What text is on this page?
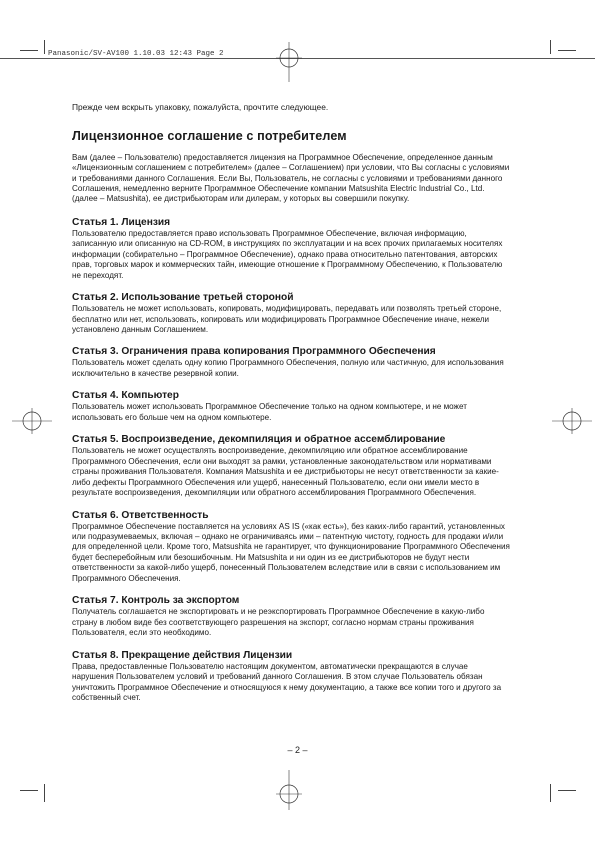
Panasonic/SV-AV100 1.10.03 12:43 Page 2

Прежде чем вскрыть упаковку, пожалуйста, прочтите следующее.

Лицензионное соглашение с потребителем

Вам (далее – Пользователю) предоставляется лицензия на Программное Обеспечение, определенное данным «Лицензионным соглашением с потребителем» (далее – Соглашением) при условии, что Вы согласны с условиями и требованиями данного Соглашения. Если Вы, Пользователь, не согласны с условиями и требованиями данного Соглашения, немедленно верните Программное Обеспечение компании Matsushita Electric Industrial Co., Ltd. (далее – Matsushita), ее дистрибьюторам или дилерам, у которых вы совершили покупку.

Статья 1. Лицензия

Пользователю предоставляется право использовать Программное Обеспечение, включая информацию, записанную или описанную на CD-ROM, в инструкциях по эксплуатации и на всех прочих прилагаемых носителях информации (собирательно – Программное Обеспечение), однако права относительно патентования, авторских прав, торговых марок и коммерческих тайн, имеющие отношение к Программному Обеспечению, к Пользователю не переходят.

Статья 2. Использование третьей стороной

Пользователь не может использовать, копировать, модифицировать, передавать или позволять третьей стороне, бесплатно или нет, использовать, копировать или модифицировать Программное Обеспечение иначе, нежели установлено данным Соглашением.

Статья 3. Ограничения права копирования Программного Обеспечения

Пользователь может сделать одну копию Программного Обеспечения, полную или частичную, для использования исключительно в качестве резервной копии.

Статья 4. Компьютер

Пользователь может использовать Программное Обеспечение только на одном компьютере, и не может использовать его больше чем на одном компьютере.

Статья 5. Воспроизведение, декомпиляция и обратное ассемблирование

Пользователь не может осуществлять воспроизведение, декомпиляцию или обратное ассемблирование Программного Обеспечения, если они выходят за рамки, установленные законодательством или нормативами страны проживания Пользователя. Компания Matsushita и ее дистрибьюторы не несут ответственности за какие-либо дефекты Программного Обеспечения или ущерб, нанесенный Пользователю, если они имели место в результате воспроизведения, декомпиляции или обратного ассемблирования Программного Обеспечения.

Статья 6. Ответственность

Программное Обеспечение поставляется на условиях AS IS («как есть»), без каких-либо гарантий, установленных или подразумеваемых, включая – однако не ограничиваясь ими – патентную чистоту, годность для продажи и/или для определенной цели. Кроме того, Matsushita не гарантирует, что функционирование Программного Обеспечения будет бесперебойным или безошибочным. Ни Matsushita и ни один из ее дистрибьюторов не будут нести ответственности за какой-либо ущерб, понесенный Пользователем вследствие или в связи с использованием им Программного Обеспечения.

Статья 7. Контроль за экспортом

Получатель соглашается не экспортировать и не реэкспортировать Программное Обеспечение в какую-либо страну в любом виде без соответствующего разрешения на экспорт, согласно нормам страны проживания Пользователя, если это необходимо.

Статья 8. Прекращение действия Лицензии

Права, предоставленные Пользователю настоящим документом, автоматически прекращаются в случае нарушения Пользователем условий и требований данного Соглашения. В этом случае Пользователь обязан уничтожить Программное Обеспечение и относящуюся к нему документацию, а также все копии того и другого за собственный счет.

– 2 –
